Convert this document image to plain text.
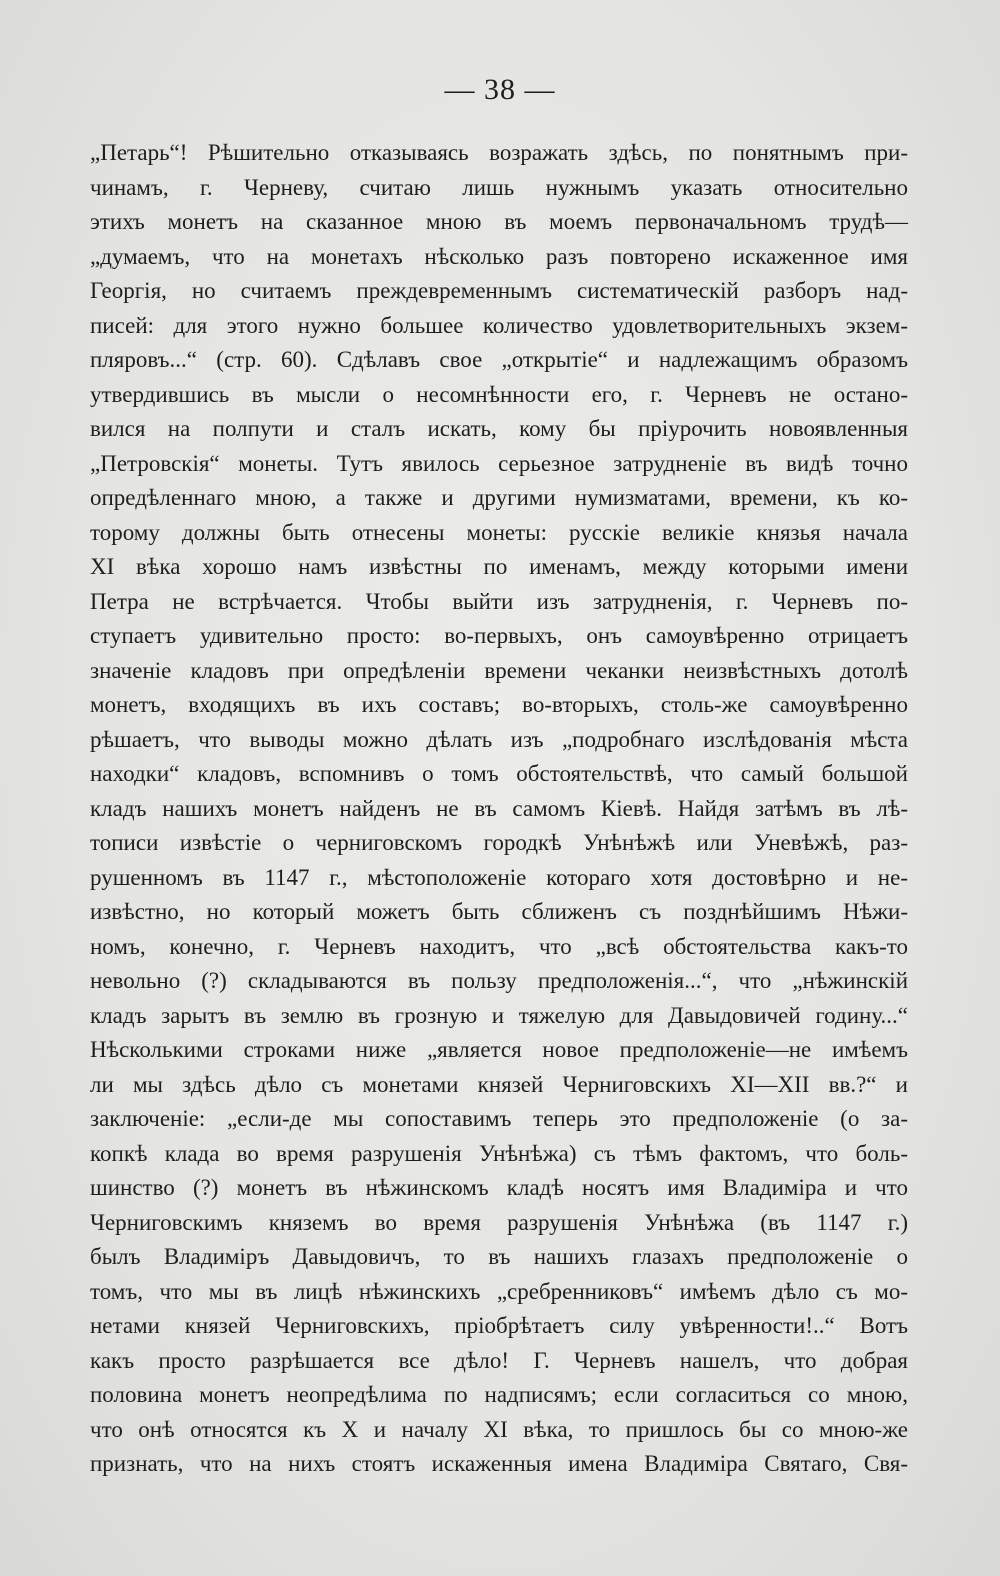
— 38 —
„Петарь“! Рѣшительно отказываясь возражать здѣсь, по понятнымъ при-
чинамъ, г. Черневу, считаю лишь нужнымъ указать относительно
этихъ монетъ на сказанное мною въ моемъ первоначальномъ трудѣ—
„думаемъ, что на монетахъ нѣсколько разъ повторено искаженное имя
Георгія, но считаемъ преждевременнымъ систематическій разборъ над-
писей: для этого нужно большее количество удовлетворительныхъ экзем-
пляровъ...“ (стр. 60). Сдѣлавъ свое „открытіе“ и надлежащимъ образомъ
утвердившись въ мысли о несомнѣнности его, г. Черневъ не остано-
вился на полпути и сталъ искать, кому бы пріурочить новоявленныя
„Петровскія“ монеты. Тутъ явилось серьезное затрудненіе въ видѣ точно
опредѣленнаго мною, а также и другими нумизматами, времени, къ ко-
торому должны быть отнесены монеты: русскіе великіе князья начала
XI вѣка хорошо намъ извѣстны по именамъ, между которыми имени
Петра не встрѣчается. Чтобы выйти изъ затрудненія, г. Черневъ по-
ступаетъ удивительно просто: во-первыхъ, онъ самоувѣренно отрицаетъ
значеніе кладовъ при опредѣленіи времени чеканки неизвѣстныхъ дотолѣ
монетъ, входящихъ въ ихъ составъ; во-вторыхъ, столь-же самоувѣренно
рѣшаетъ, что выводы можно дѣлать изъ „подробнаго изслѣдованія мѣста
находки“ кладовъ, вспомнивъ о томъ обстоятельствѣ, что самый большой
кладъ нашихъ монетъ найденъ не въ самомъ Кіевѣ. Найдя затѣмъ въ лѣ-
тописи извѣстіе о черниговскомъ городкѣ Унѣнѣжѣ или Уневѣжѣ, раз-
рушенномъ въ 1147 г., мѣстоположеніе котораго хотя достовѣрно и не-
извѣстно, но который можетъ быть сближенъ съ позднѣйшимъ Нѣжи-
номъ, конечно, г. Черневъ находитъ, что „всѣ обстоятельства какъ-то
невольно (?) складываются въ пользу предположенія...“, что „нѣжинскій
кладъ зарытъ въ землю въ грозную и тяжелую для Давыдовичей годину...“
Нѣсколькими строками ниже „является новое предположеніе—не имѣемъ
ли мы здѣсь дѣло съ монетами князей Черниговскихъ XI—XII вв.?“ и
заключеніе: „если-де мы сопоставимъ теперь это предположеніе (о за-
копкѣ клада во время разрушенія Унѣнѣжа) съ тѣмъ фактомъ, что боль-
шинство (?) монетъ въ нѣжинскомъ кладѣ носятъ имя Владиміра и что
Черниговскимъ княземъ во время разрушенія Унѣнѣжа (въ 1147 г.)
былъ Владиміръ Давыдовичъ, то въ нашихъ глазахъ предположеніе о
томъ, что мы въ лицѣ нѣжинскихъ „сребренниковъ“ имѣемъ дѣло съ мо-
нетами князей Черниговскихъ, пріобрѣтаетъ силу увѣренности!..“ Вотъ
какъ просто разрѣшается все дѣло! Г. Черневъ нашелъ, что добрая
половина монетъ неопредѣлима по надписямъ; если согласиться со мною,
что онѣ относятся къ X и началу XI вѣка, то пришлось бы со мною-же
признать, что на нихъ стоятъ искаженныя имена Владиміра Святаго, Свя-
